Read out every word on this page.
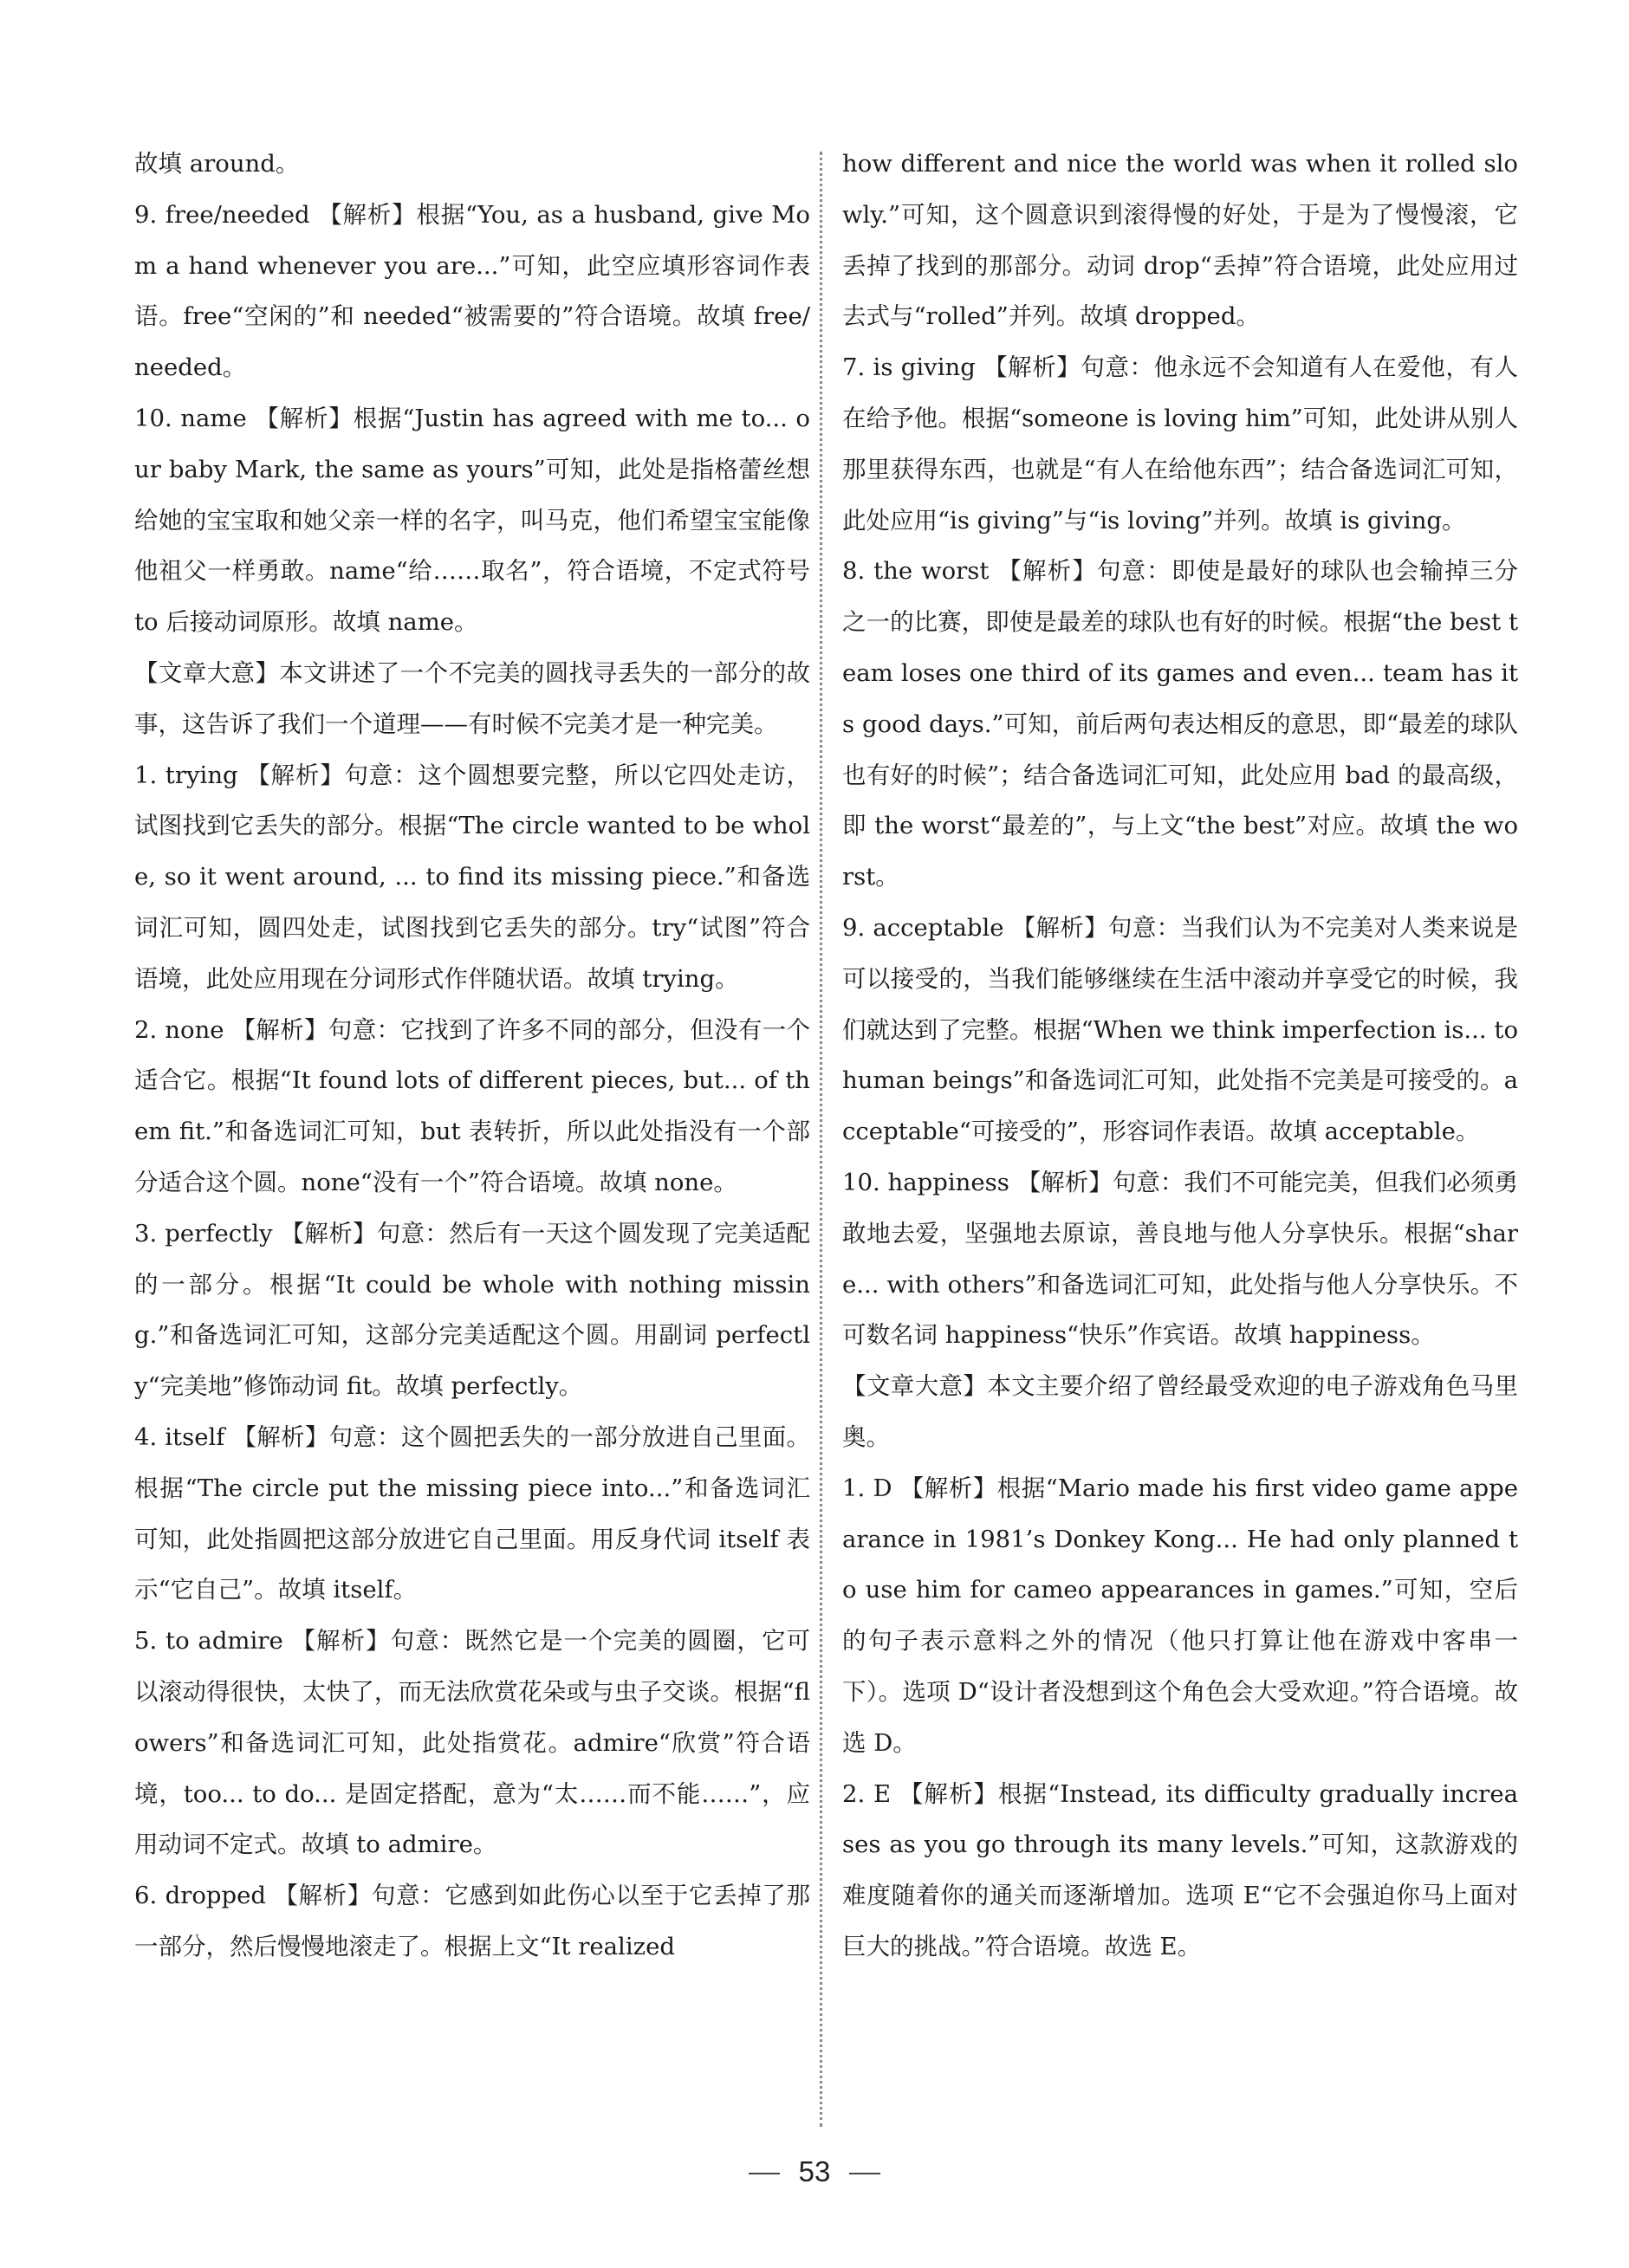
故填 around。

9. free/needed 【解析】根据“You, as a husband, give Mom a hand whenever you are...”可知，此空应填形容词作表语。free“空闲的”和 needed“被需要的”符合语境。故填 free/needed。

10. name 【解析】根据“Justin has agreed with me to... our baby Mark, the same as yours”可知，此处是指格蕾丝想给她的宝宝取和她父亲一样的名字，叫马克，他们希望宝宝能像他祖父一样勇敢。name“给……取名”，符合语境，不定式符号 to 后接动词原形。故填 name。

【文章大意】本文讲述了一个不完美的圆找寻丢失的一部分的故事，这告诉了我们一个道理——有时候不完美才是一种完美。

1. trying 【解析】句意：这个圆想要完整，所以它四处走访，试图找到它丢失的部分。根据“The circle wanted to be whole, so it went around, ... to find its missing piece.”和备选词汇可知，圆四处走，试图找到它丢失的部分。try“试图”符合语境，此处应用现在分词形式作伴随状语。故填 trying。

2. none 【解析】句意：它找到了许多不同的部分，但没有一个适合它。根据“It found lots of different pieces, but... of them fit.”和备选词汇可知，but 表转折，所以此处指没有一个部分适合这个圆。none“没有一个”符合语境。故填 none。

3. perfectly 【解析】句意：然后有一天这个圆发现了完美适配的一部分。根据“It could be whole with nothing missing.”和备选词汇可知，这部分完美适配这个圆。用副词 perfectly“完美地”修饰动词 fit。故填 perfectly。

4. itself 【解析】句意：这个圆把丢失的一部分放进自己里面。根据“The circle put the missing piece into...”和备选词汇可知，此处指圆把这部分放进它自己里面。用反身代词 itself 表示“它自己”。故填 itself。

5. to admire 【解析】句意：既然它是一个完美的圆圈，它可以滚动得很快，太快了，而无法欣赏花朵或与虫子交谈。根据“flowers”和备选词汇可知，此处指赏花。admire“欣赏”符合语境，too... to do... 是固定搭配，意为“太……而不能……”，应用动词不定式。故填 to admire。

6. dropped 【解析】句意：它感到如此伤心以至于它丢掉了那一部分，然后慢慢地滚走了。根据上文“It realized

how different and nice the world was when it rolled slowly.”可知，这个圆意识到滚得慢的好处，于是为了慢慢滚，它丢掉了找到的那部分。动词 drop“丢掉”符合语境，此处应用过去式与“rolled”并列。故填 dropped。

7. is giving 【解析】句意：他永远不会知道有人在爱他，有人在给予他。根据“someone is loving him”可知，此处讲从别人那里获得东西，也就是“有人在给他东西”；结合备选词汇可知，此处应用“is giving”与“is loving”并列。故填 is giving。

8. the worst 【解析】句意：即使是最好的球队也会输掉三分之一的比赛，即使是最差的球队也有好的时候。根据“the best team loses one third of its games and even... team has its good days.”可知，前后两句表达相反的意思，即“最差的球队也有好的时候”；结合备选词汇可知，此处应用 bad 的最高级，即 the worst“最差的”，与上文“the best”对应。故填 the worst。

9. acceptable 【解析】句意：当我们认为不完美对人类来说是可以接受的，当我们能够继续在生活中滚动并享受它的时候，我们就达到了完整。根据“When we think imperfection is... to human beings”和备选词汇可知，此处指不完美是可接受的。acceptable“可接受的”，形容词作表语。故填 acceptable。

10. happiness 【解析】句意：我们不可能完美，但我们必须勇敢地去爱，坚强地去原谅，善良地与他人分享快乐。根据“share... with others”和备选词汇可知，此处指与他人分享快乐。不可数名词 happiness“快乐”作宾语。故填 happiness。

【文章大意】本文主要介绍了曾经最受欢迎的电子游戏角色马里奥。

1. D 【解析】根据“Mario made his first video game appearance in 1981’s Donkey Kong... He had only planned to use him for cameo appearances in games.”可知，空后的句子表示意料之外的情况（他只打算让他在游戏中客串一下）。选项 D“设计者没想到这个角色会大受欢迎。”符合语境。故选 D。

2. E 【解析】根据“Instead, its difficulty gradually increases as you go through its many levels.”可知，这款游戏的难度随着你的通关而逐渐增加。选项 E“它不会强迫你马上面对巨大的挑战。”符合语境。故选 E。

53
